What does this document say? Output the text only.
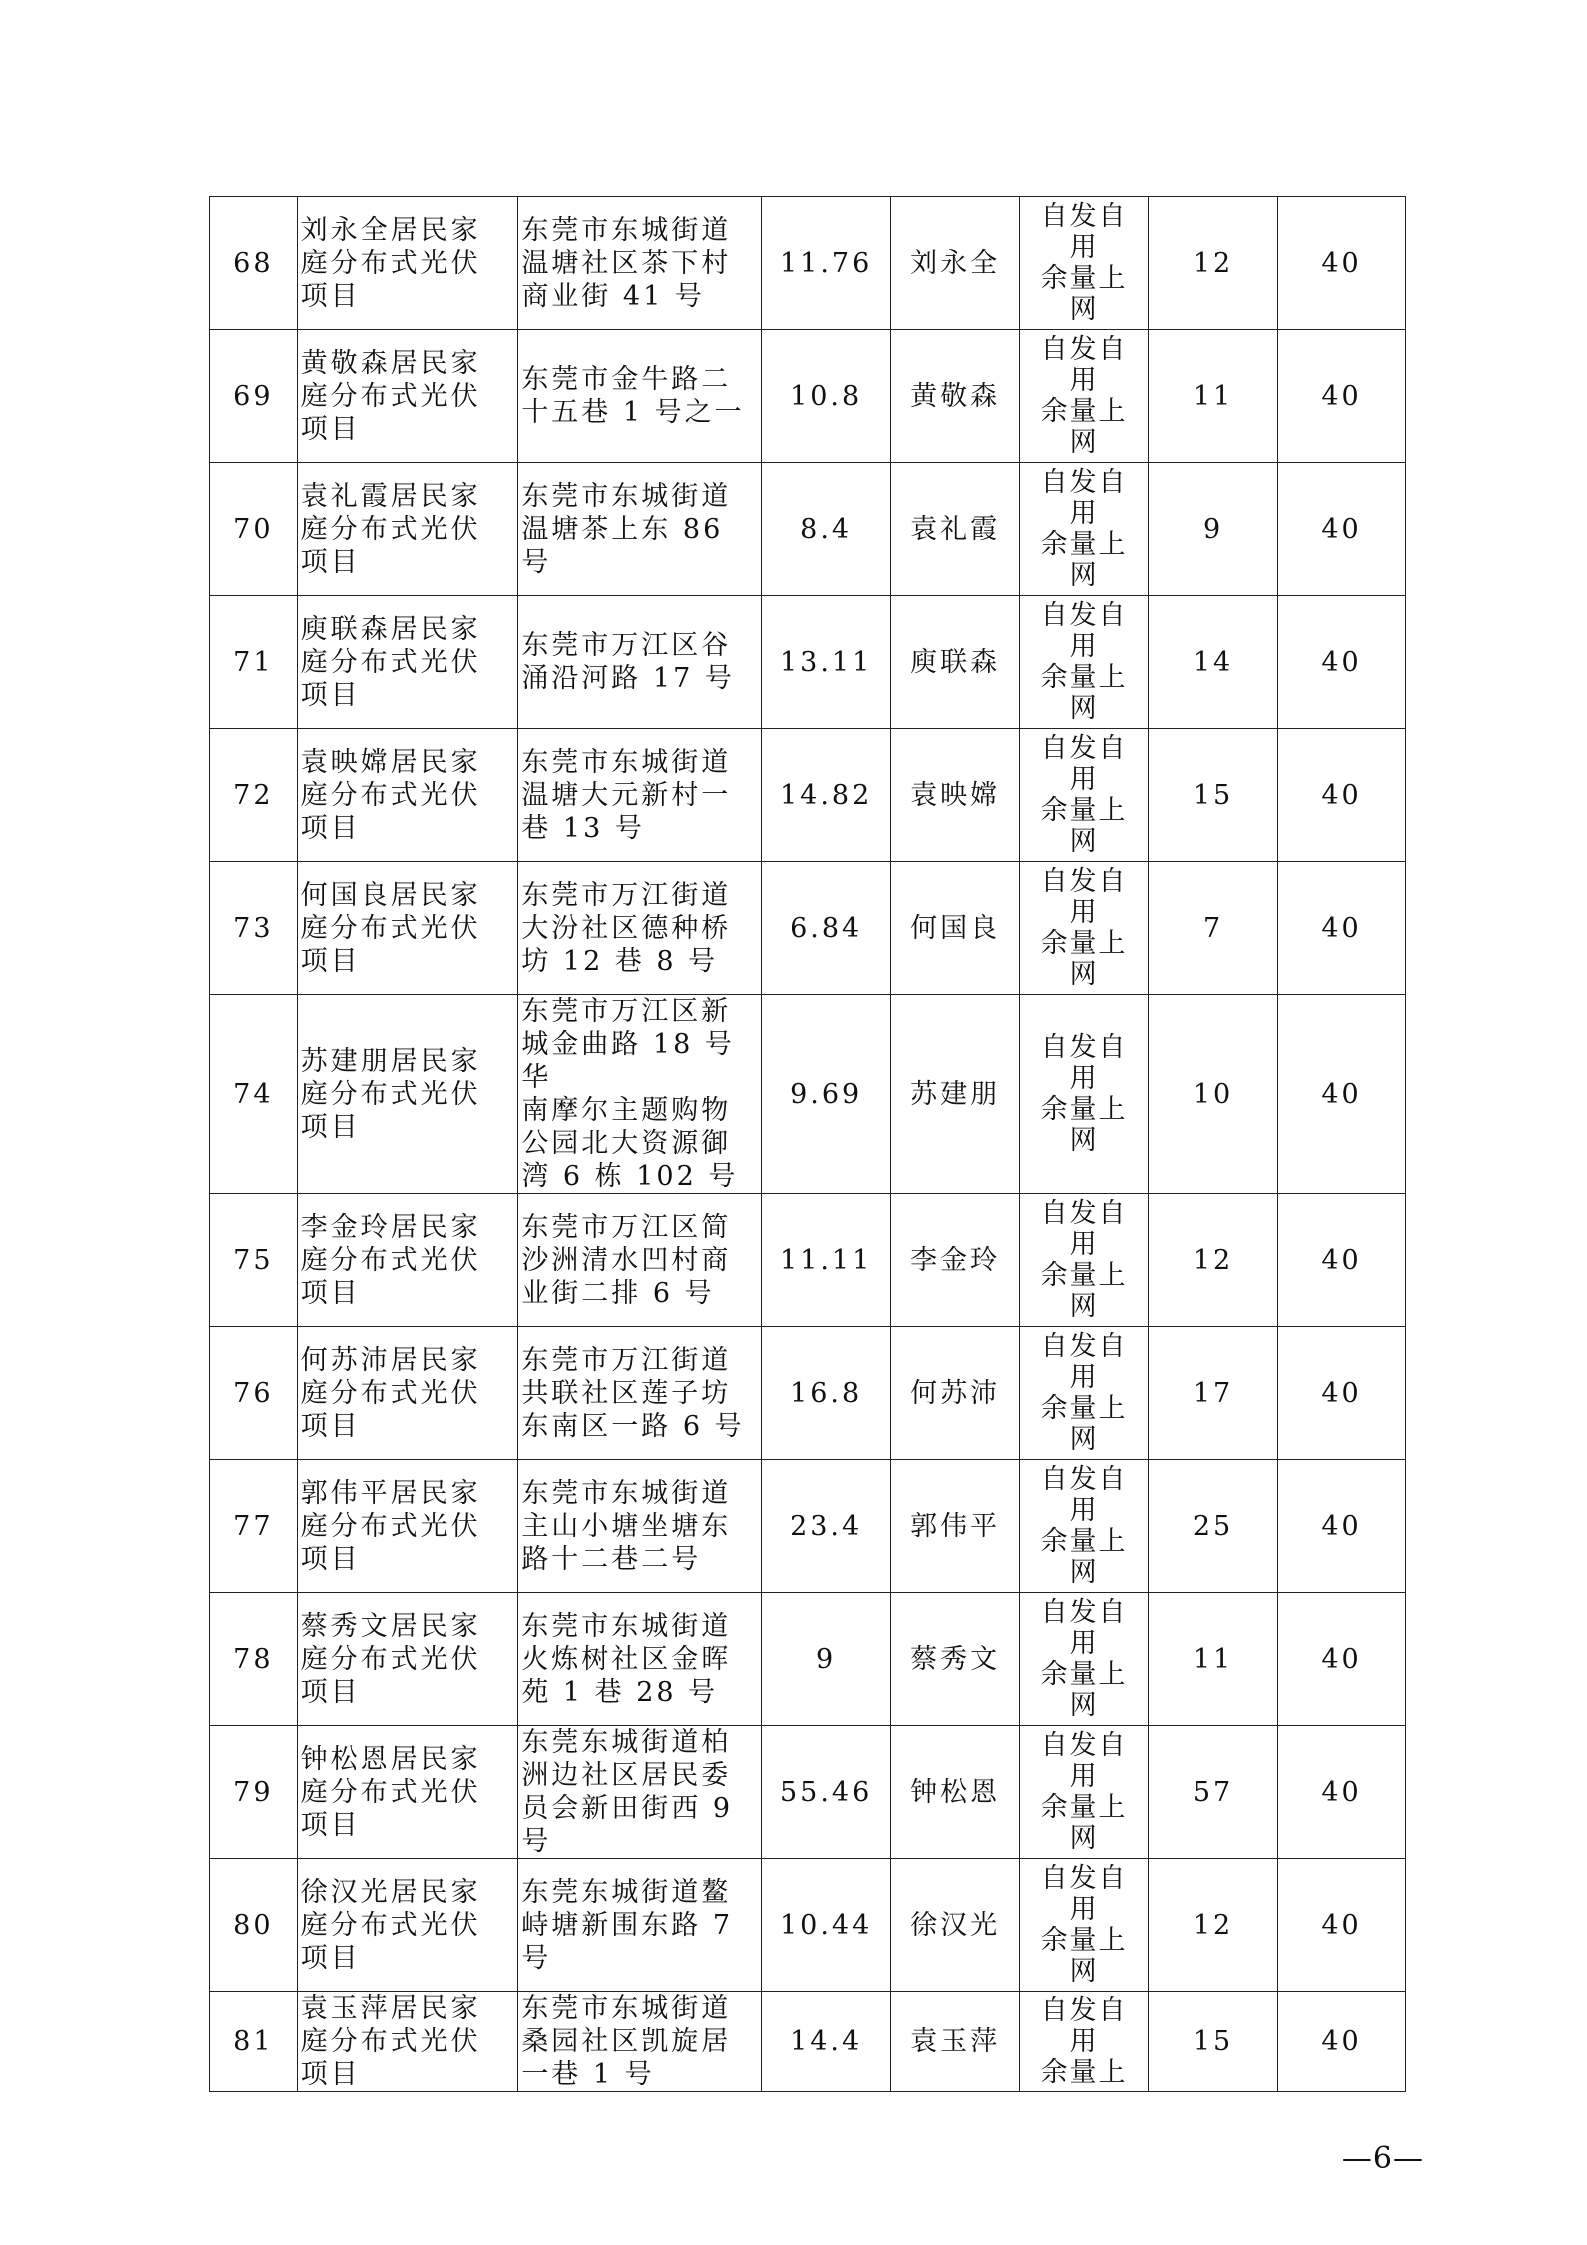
68	刘永全居民家
庭分布式光伏
项目	东莞市东城街道
温塘社区茶下村
商业街 41 号	11.76	刘永全	自发自
用
余量上
网	12	40
69	黄敬森居民家
庭分布式光伏
项目	东莞市金牛路二
十五巷 1 号之一	10.8	黄敬森	自发自
用
余量上
网	11	40
70	袁礼霞居民家
庭分布式光伏
项目	东莞市东城街道
温塘茶上东 86 号	8.4	袁礼霞	自发自
用
余量上
网	9	40
71	庾联森居民家
庭分布式光伏
项目	东莞市万江区谷
涌沿河路 17 号	13.11	庾联森	自发自
用
余量上
网	14	40
72	袁映嫦居民家
庭分布式光伏
项目	东莞市东城街道
温塘大元新村一
巷 13 号	14.82	袁映嫦	自发自
用
余量上
网	15	40
73	何国良居民家
庭分布式光伏
项目	东莞市万江街道
大汾社区德种桥
坊 12 巷 8 号	6.84	何国良	自发自
用
余量上
网	7	40
74	苏建朋居民家
庭分布式光伏
项目	东莞市万江区新
城金曲路 18 号华
南摩尔主题购物
公园北大资源御
湾 6 栋 102 号	9.69	苏建朋	自发自
用
余量上
网	10	40
75	李金玲居民家
庭分布式光伏
项目	东莞市万江区简
沙洲清水凹村商
业街二排 6 号	11.11	李金玲	自发自
用
余量上
网	12	40
76	何苏沛居民家
庭分布式光伏
项目	东莞市万江街道
共联社区莲子坊
东南区一路 6 号	16.8	何苏沛	自发自
用
余量上
网	17	40
77	郭伟平居民家
庭分布式光伏
项目	东莞市东城街道
主山小塘坐塘东
路十二巷二号	23.4	郭伟平	自发自
用
余量上
网	25	40
78	蔡秀文居民家
庭分布式光伏
项目	东莞市东城街道
火炼树社区金晖
苑 1 巷 28 号	9	蔡秀文	自发自
用
余量上
网	11	40
79	钟松恩居民家
庭分布式光伏
项目	东莞东城街道柏
洲边社区居民委
员会新田街西 9
号	55.46	钟松恩	自发自
用
余量上
网	57	40
80	徐汉光居民家
庭分布式光伏
项目	东莞东城街道鳌
峙塘新围东路 7
号	10.44	徐汉光	自发自
用
余量上
网	12	40
81	袁玉萍居民家
庭分布式光伏
项目	东莞市东城街道
桑园社区凯旋居
一巷 1 号	14.4	袁玉萍	自发自
用
余量上	15	40
—6—
